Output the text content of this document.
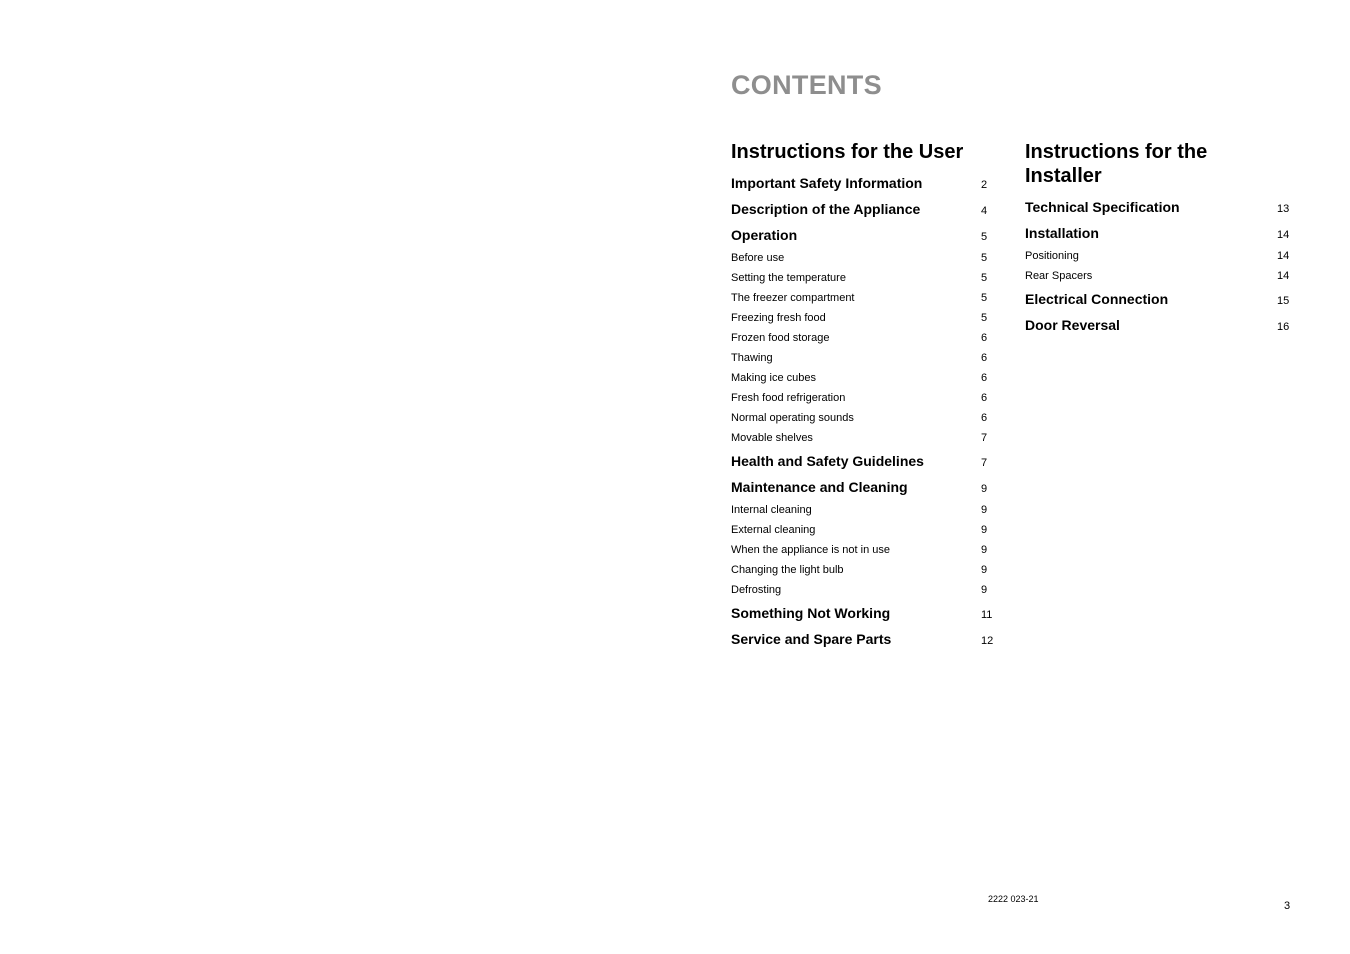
CONTENTS
Instructions for the User
Important Safety Information	2
Description of the Appliance	4
Operation	5
Before use	5
Setting the temperature	5
The freezer compartment	5
Freezing fresh food	5
Frozen food storage	6
Thawing	6
Making ice cubes	6
Fresh food refrigeration	6
Normal operating sounds	6
Movable shelves	7
Health and Safety Guidelines	7
Maintenance and Cleaning	9
Internal cleaning	9
External cleaning	9
When the appliance is not in use	9
Changing the light bulb	9
Defrosting	9
Something Not Working	11
Service and Spare Parts	12
Instructions for the Installer
Technical Specification	13
Installation	14
Positioning	14
Rear Spacers	14
Electrical Connection	15
Door Reversal	16
2222 023-21
3
